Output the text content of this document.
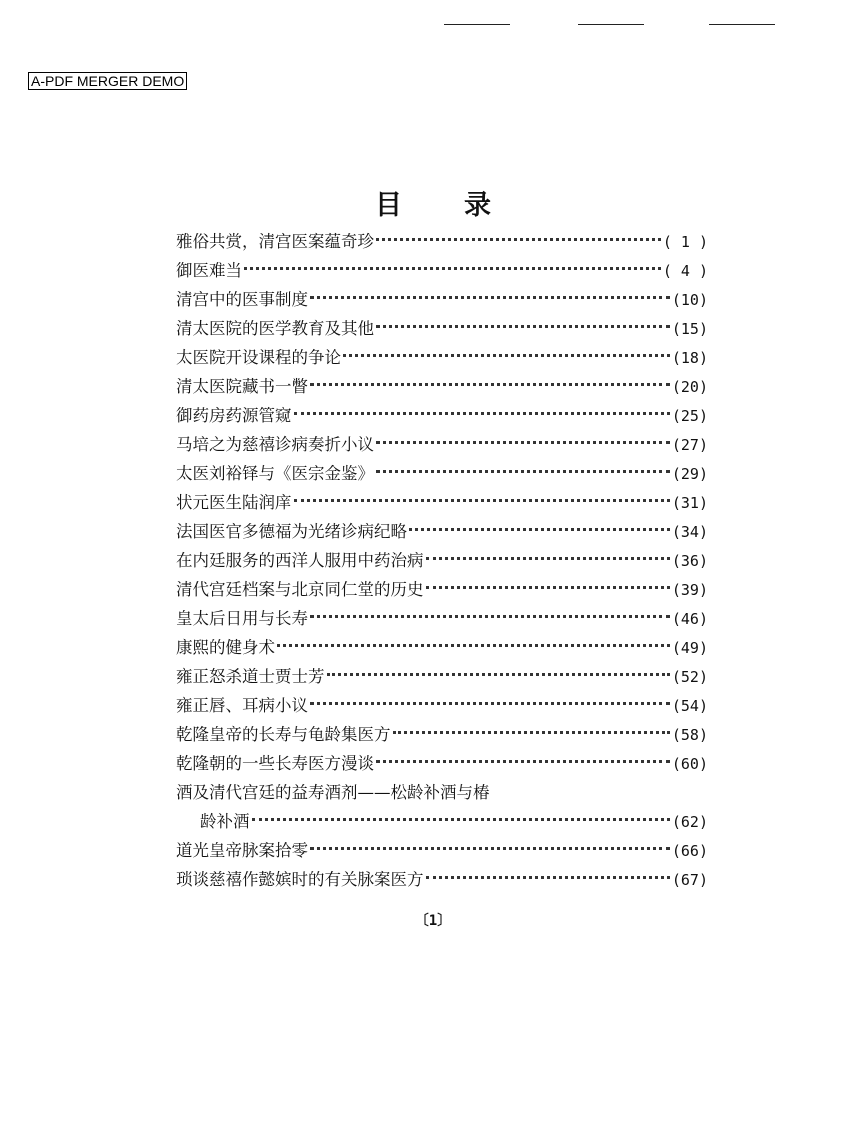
A-PDF MERGER DEMO
目录
雅俗共赏，清宫医案蕴奇珍	( 1 )
御医难当	( 4 )
清宫中的医事制度	(10)
清太医院的医学教育及其他	(15)
太医院开设课程的争论	(18)
清太医院藏书一瞥	(20)
御药房药源管窥	(25)
马培之为慈禧诊病奏折小议	(27)
太医刘裕铎与《医宗金鉴》	(29)
状元医生陆润庠	(31)
法国医官多德福为光绪诊病纪略	(34)
在内廷服务的西洋人服用中药治病	(36)
清代宫廷档案与北京同仁堂的历史	(39)
皇太后日用与长寿	(46)
康熙的健身术	(49)
雍正怒杀道士贾士芳	(52)
雍正唇、耳病小议	(54)
乾隆皇帝的长寿与龟龄集医方	(58)
乾隆朝的一些长寿医方漫谈	(60)
酒及清代宫廷的益寿酒剂——松龄补酒与椿
龄补酒	(62)
道光皇帝脉案拾零	(66)
琐谈慈禧作懿嫔时的有关脉案医方	(67)
〔1〕
